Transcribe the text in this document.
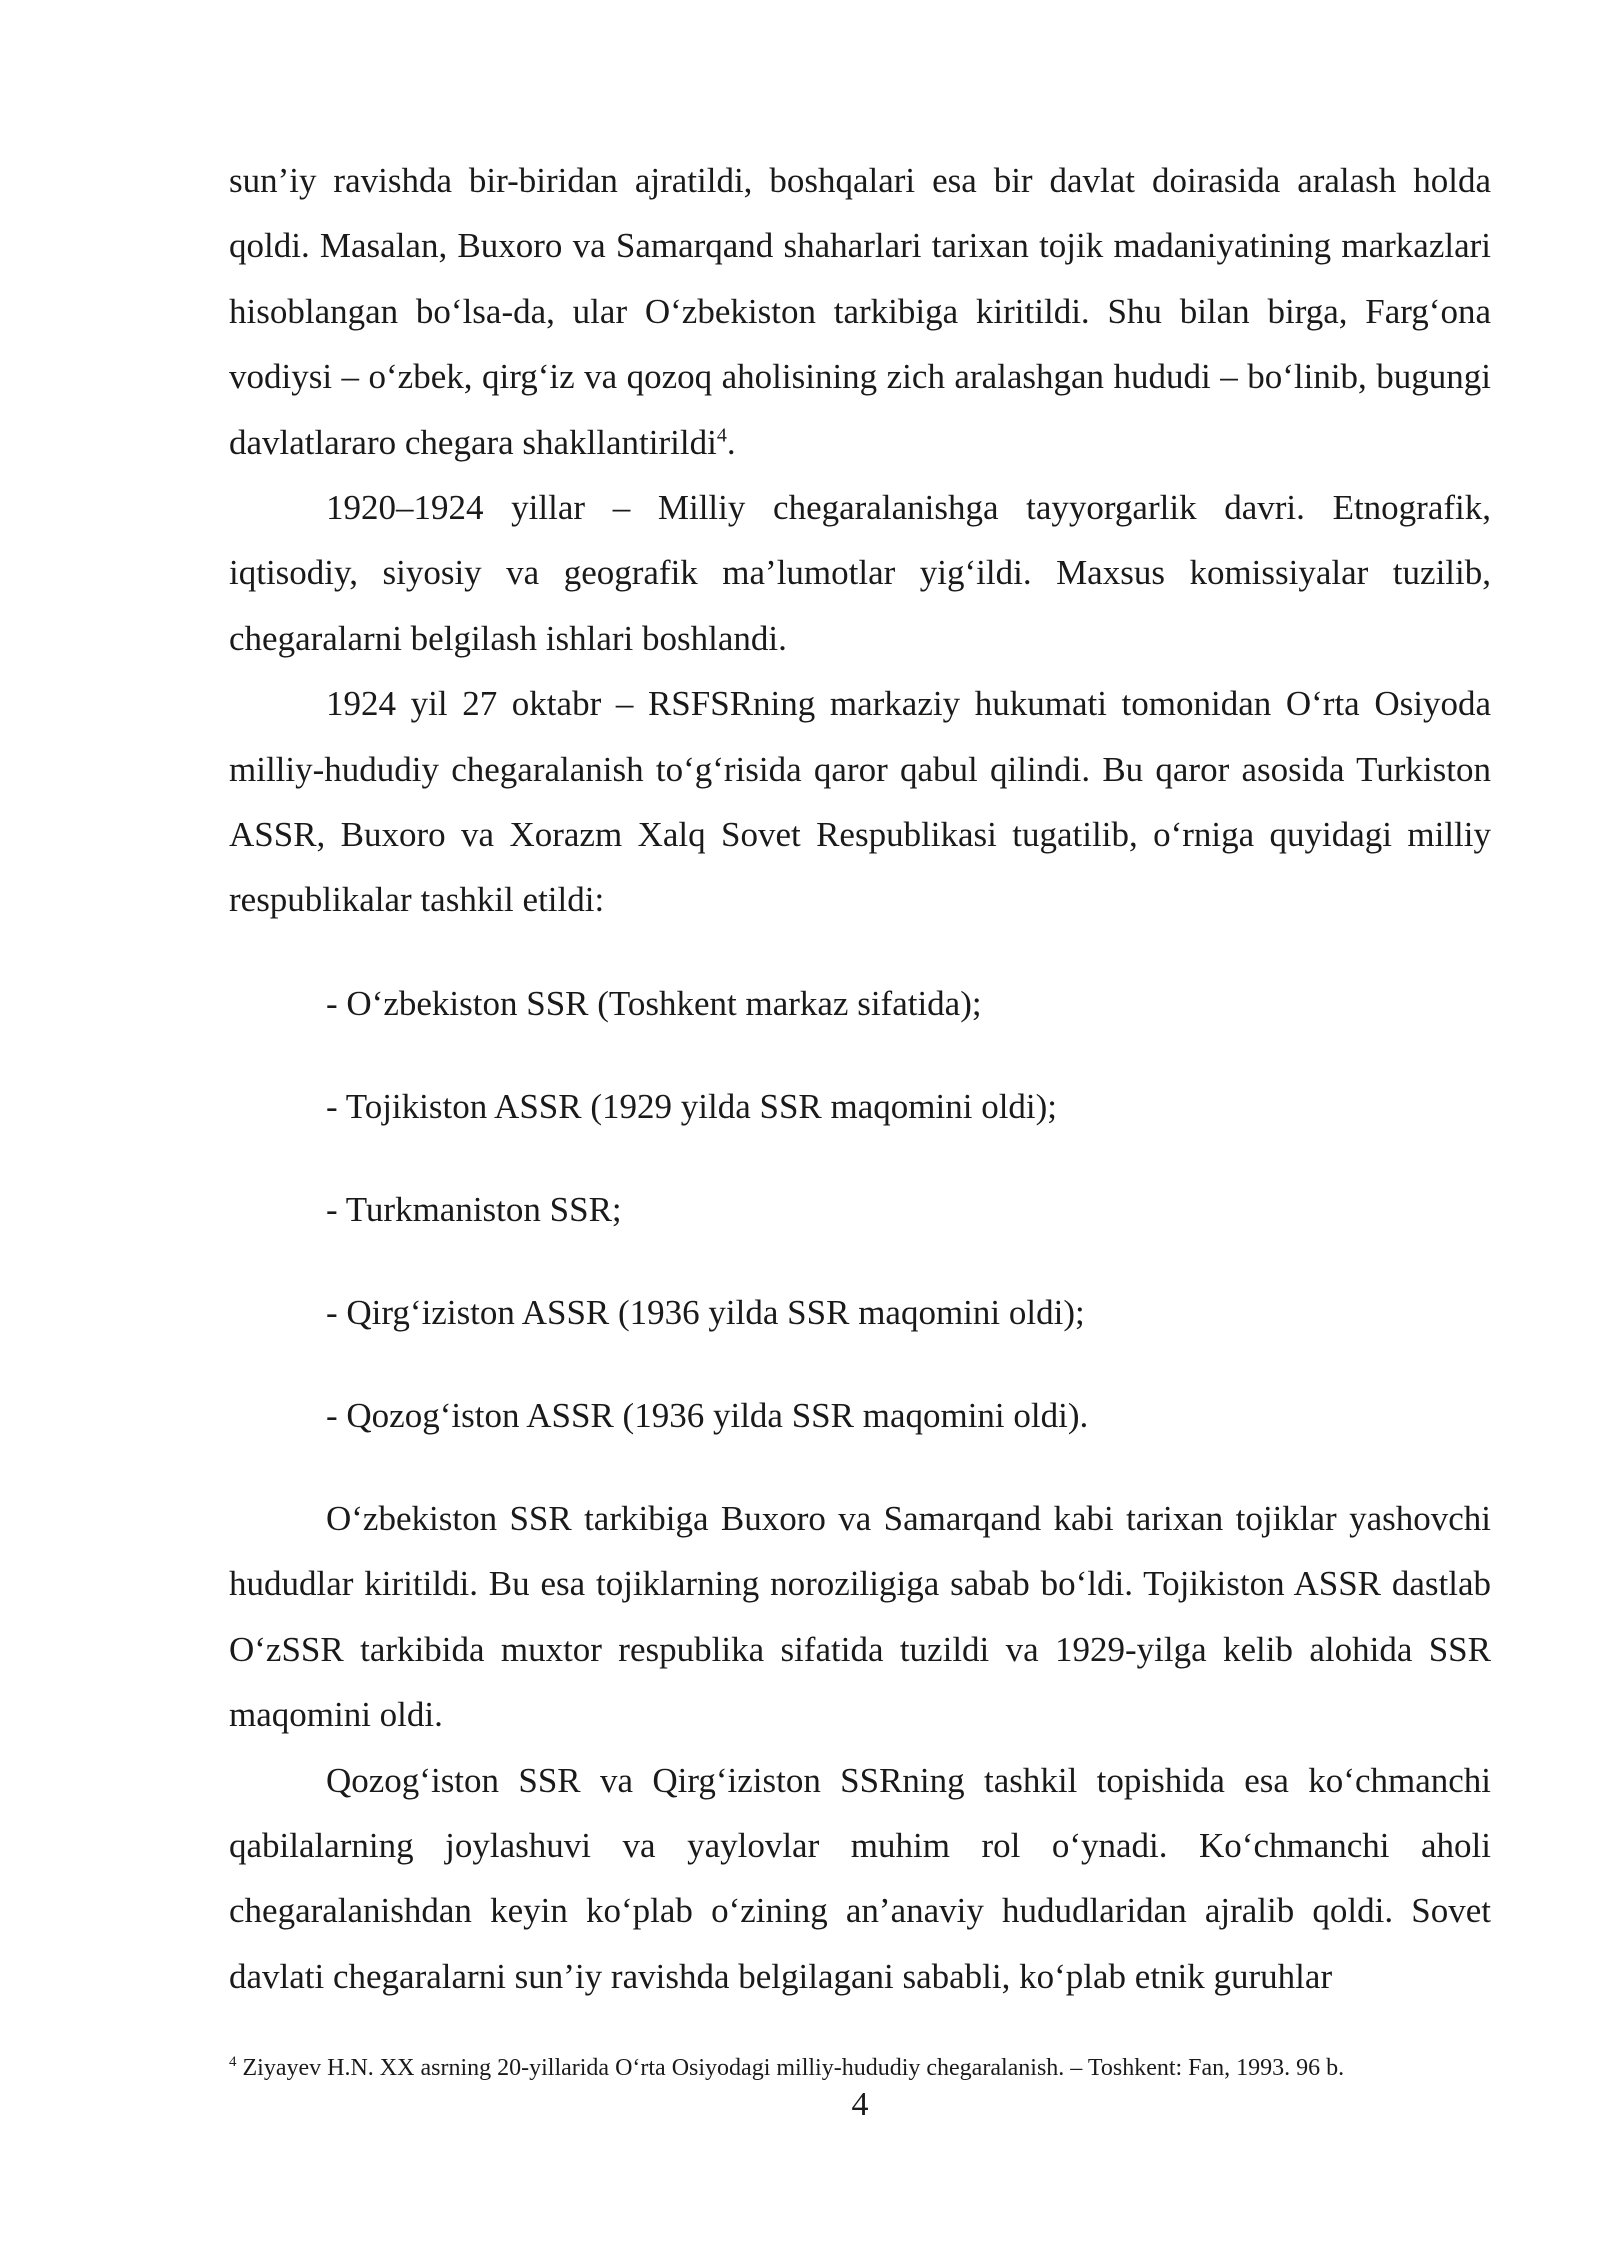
sun’iy ravishda bir-biridan ajratildi, boshqalari esa bir davlat doirasida aralash holda qoldi. Masalan, Buxoro va Samarqand shaharlari tarixan tojik madaniyatining markazlari hisoblangan bo‘lsa-da, ular O‘zbekiston tarkibiga kiritildi. Shu bilan birga, Farg‘ona vodiysi – o‘zbek, qirg‘iz va qozoq aholisining zich aralashgan hududi – bo‘linib, bugungi davlatlararo chegara shakllantirildi$^4$.

1920–1924 yillar – Milliy chegaralanishga tayyorgarlik davri. Etnografik, iqtisodiy, siyosiy va geografik ma’lumotlar yig‘ildi. Maxsus komissiyalar tuzilib, chegaralarni belgilash ishlari boshlandi.

1924 yil 27 oktabr – RSFSRning markaziy hukumati tomonidan O‘rta Osiyoda milliy-hududiy chegaralanish to‘g‘risida qaror qabul qilindi. Bu qaror asosida Turkiston ASSR, Buxoro va Xorazm Xalq Sovet Respublikasi tugatilib, o‘rniga quyidagi milliy respublikalar tashkil etildi:

- O‘zbekiston SSR (Toshkent markaz sifatida);
- Tojikiston ASSR (1929 yilda SSR maqomini oldi);
- Turkmaniston SSR;
- Qirg‘iziston ASSR (1936 yilda SSR maqomini oldi);
- Qozog‘iston ASSR (1936 yilda SSR maqomini oldi).

O‘zbekiston SSR tarkibiga Buxoro va Samarqand kabi tarixan tojiklar yashovchi hududlar kiritildi. Bu esa tojiklarning noroziligiga sabab bo‘ldi. Tojikiston ASSR dastlab O‘zSSR tarkibida muxtor respublika sifatida tuzildi va 1929-yilga kelib alohida SSR maqomini oldi.

Qozog‘iston SSR va Qirg‘iziston SSRning tashkil topishida esa ko‘chmanchi qabilalarning joylashuvi va yaylovlar muhim rol o‘ynadi. Ko‘chmanchi aholi chegaralanishdan keyin ko‘plab o‘zining an’anaviy hududlaridan ajralib qoldi. Sovet davlati chegaralarni sun’iy ravishda belgilagani sababli, ko‘plab etnik guruhlar

$^4$ Ziyayev H.N. XX asrning 20-yillarida O‘rta Osiyodagi milliy-hududiy chegaralanish. – Toshkent: Fan, 1993. 96 b.
4
